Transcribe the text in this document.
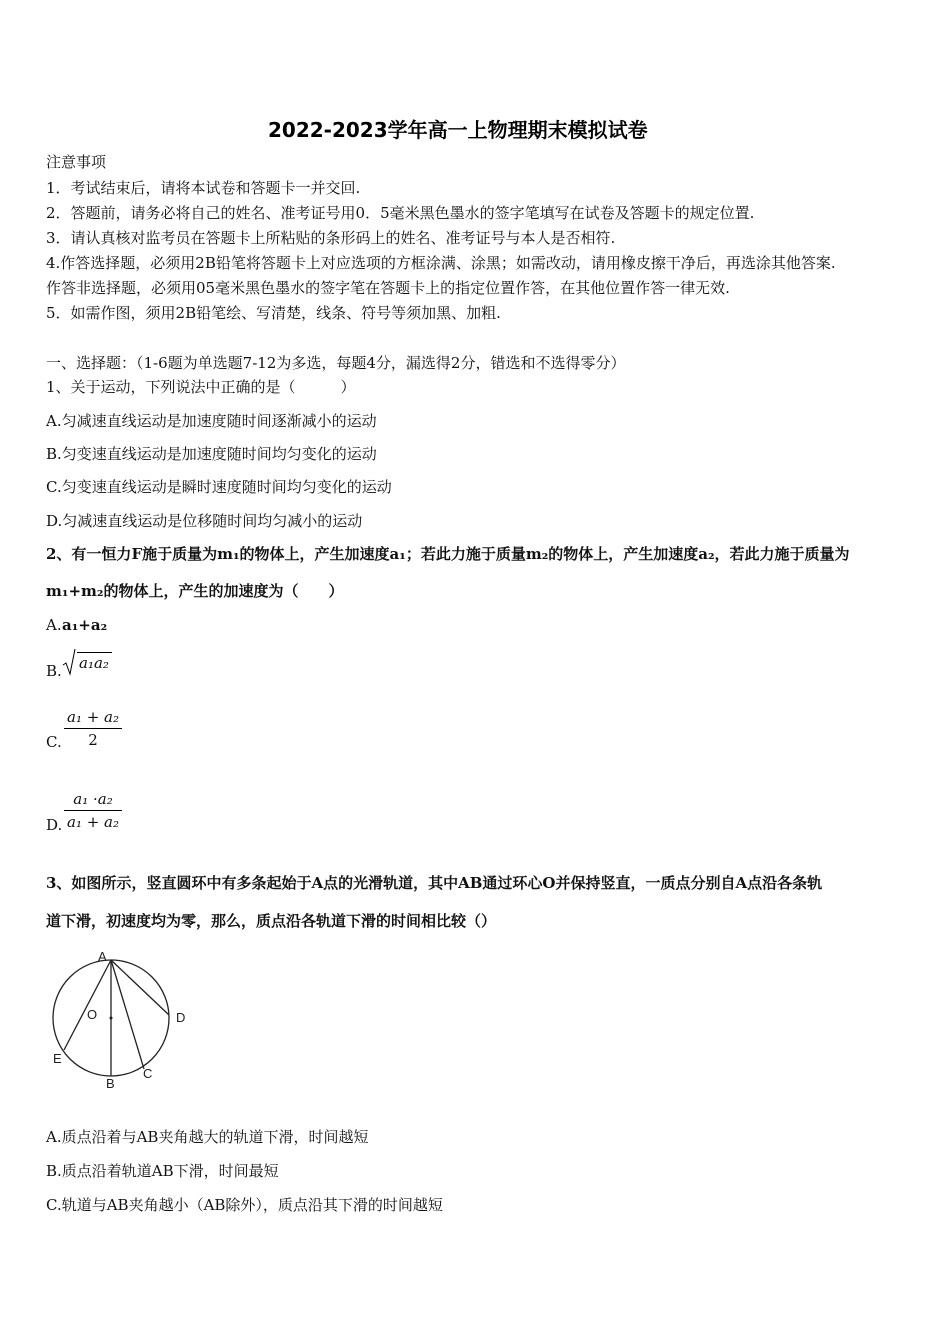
2022-2023学年高一上物理期末模拟试卷
注意事项
1．考试结束后，请将本试卷和答题卡一并交回.
2．答题前，请务必将自己的姓名、准考证号用0．5毫米黑色墨水的签字笔填写在试卷及答题卡的规定位置.
3．请认真核对监考员在答题卡上所粘贴的条形码上的姓名、准考证号与本人是否相符.
4.作答选择题，必须用2B铅笔将答题卡上对应选项的方框涂满、涂黑；如需改动，请用橡皮擦干净后，再选涂其他答案.
作答非选择题，必须用05毫米黑色墨水的签字笔在答题卡上的指定位置作答，在其他位置作答一律无效.
5．如需作图，须用2B铅笔绘、写清楚，线条、符号等须加黑、加粗.
一、选择题：（1-6题为单选题7-12为多选，每题4分，漏选得2分，错选和不选得零分）
1、关于运动，下列说法中正确的是（　　　）
A.匀减速直线运动是加速度随时间逐渐减小的运动
B.匀变速直线运动是加速度随时间均匀变化的运动
C.匀变速直线运动是瞬时速度随时间均匀变化的运动
D.匀减速直线运动是位移随时间均匀减小的运动
2、有一恒力F施于质量为m₁的物体上，产生加速度a₁；若此力施于质量m₂的物体上，产生加速度a₂，若此力施于质量为
m₁+m₂的物体上，产生的加速度为（　　）
A. a₁+a₂
B. a₁a₂
C.
a₁ + a₂
2
D.
a₁ ·a₂
a₁ + a₂
3、如图所示，竖直圆环中有多条起始于A点的光滑轨道，其中AB通过环心O并保持竖直，一质点分别自A点沿各条轨
道下滑，初速度均为零，那么，质点沿各轨道下滑的时间相比较（）
A
O	D
E
B
C
A.质点沿着与AB夹角越大的轨道下滑，时间越短
B.质点沿着轨道AB下滑，时间最短
C.轨道与AB夹角越小（AB除外），质点沿其下滑的时间越短
